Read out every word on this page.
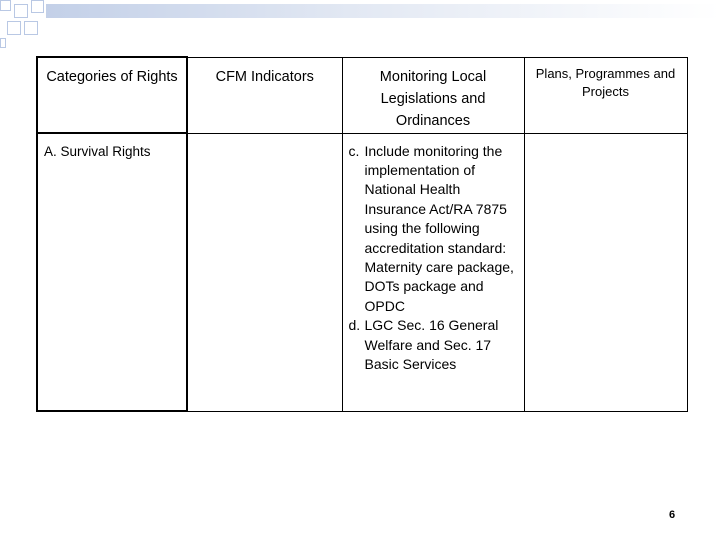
Categories of Rights	CFM Indicators	Monitoring Local Legislations and Ordinances	Plans, Programmes and Projects
A. Survival Rights		c. Include monitoring the implementation of National Health Insurance Act/RA 7875 using the following accreditation standard: Maternity care package, DOTs package and OPDC
d. LGC Sec. 16 General Welfare and Sec. 17 Basic Services	

6
